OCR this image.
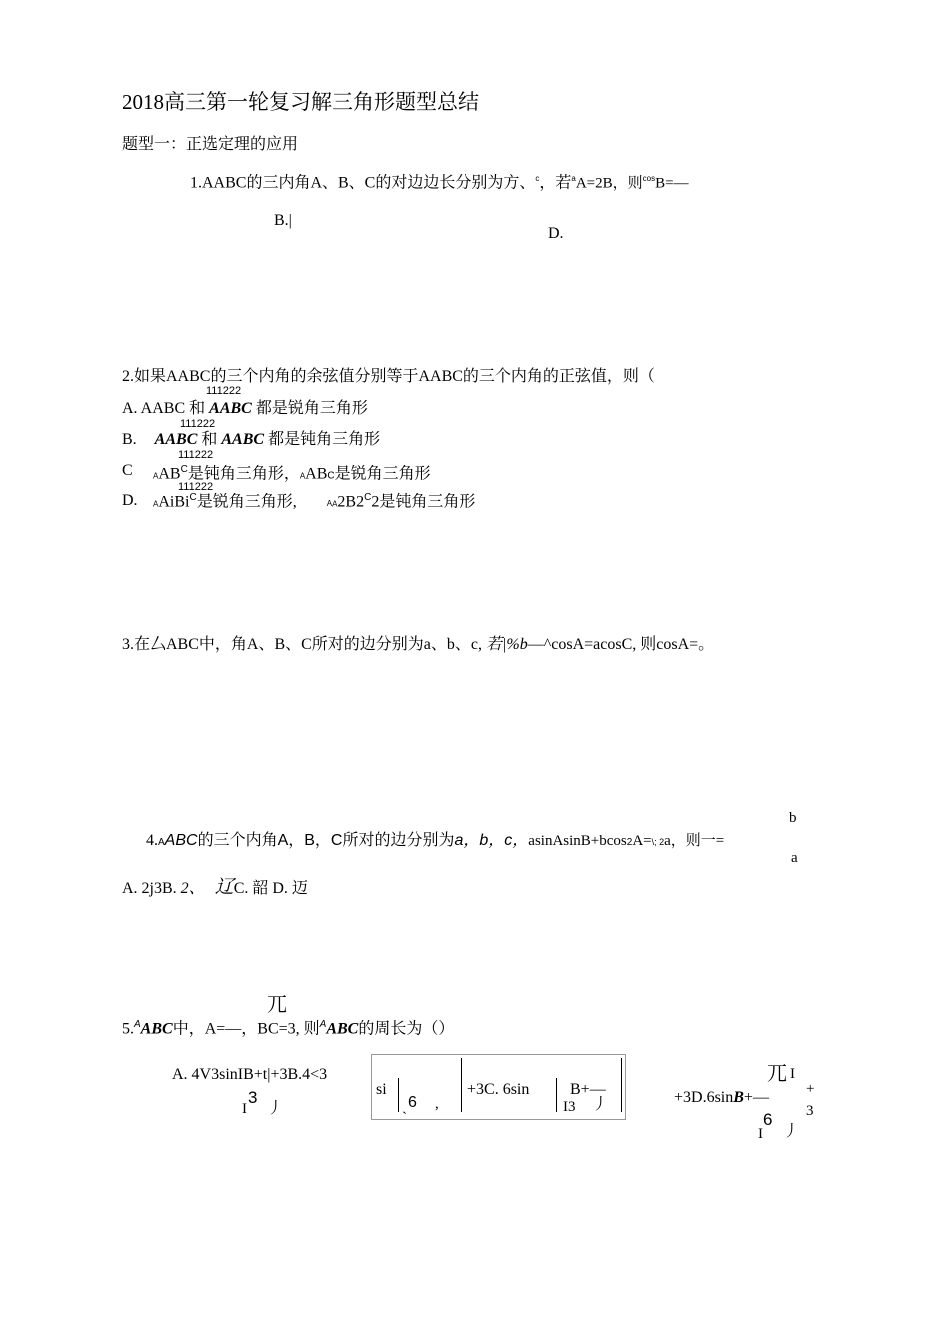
2018高三第一轮复习解三角形题型总结
题型一：正选定理的应用
1.AABC的三内角A、B、C的对边边长分别为方、$^c$，若$^a$A=2B，则$^{cos}$B=—
B.|
D.
2.如果AABC的三个内角的余弦值分别等于AABC的三个内角的正弦值，则（
111222
A. AABC 和 AABC 都是锐角三角形
111222
B. AABC 和 AABC 都是钝角三角形
111222
C	$AAB^C$是钝角三角形，AABC是锐角三角形
111222
D. AAiBi$^C$是锐角三角形,	$AA2B2^C2$是钝角三角形
3.在厶ABC中，角A、B、C所对的边分别为a、b、c, 若|%b—^cosA=acosC, 则cosA=。
b
a
4.AABC的三个内角A，B，C所对的边分别为a，b，c，asinAsinB+bcos2A=\; 2a，则一=
A. 2j3B. 2、 辽C. 韶 D. 迈
兀
5.$^A$ABC中，A=—，BC=3, 则$^A$ABC的周长为（）
A. 4V3sinIB+t|+3B.4<3
I
3
丿
si
ˎ 6 ,
+3C. 6sin	B+—
I3 丿
兀 I
+
+3D.6sinB+—
3
6
I 丿
